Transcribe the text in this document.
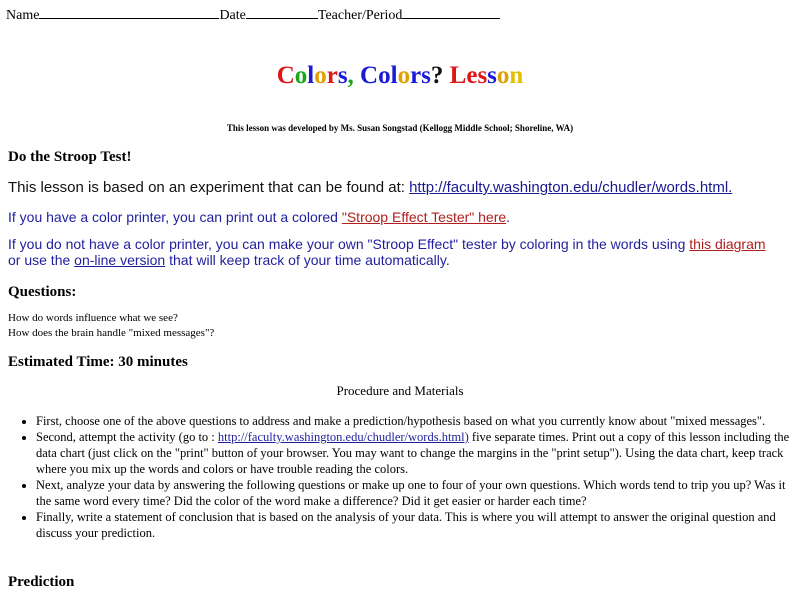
Name	Date	Teacher/Period
Colors, Colors? Lesson
This lesson was developed by Ms. Susan Songstad (Kellogg Middle School; Shoreline, WA)
Do the Stroop Test!
This lesson is based on an experiment that can be found at: http://faculty.washington.edu/chudler/words.html.
If you have a color printer, you can print out a colored "Stroop Effect Tester" here.
If you do not have a color printer, you can make your own "Stroop Effect" tester by coloring in the words using this diagram or use the on-line version that will keep track of your time automatically.
Questions:
How do words influence what we see?
How does the brain handle "mixed messages"?
Estimated Time: 30 minutes
Procedure and Materials
• First, choose one of the above questions to address and make a prediction/hypothesis based on what you currently know about "mixed messages".
• Second, attempt the activity (go to : http://faculty.washington.edu/chudler/words.html) five separate times. Print out a copy of this lesson including the data chart (just click on the "print" button of your browser. You may want to change the margins in the "print setup"). Using the data chart, keep track where you mix up the words and colors or have trouble reading the colors.
• Next, analyze your data by answering the following questions or make up one to four of your own questions. Which words tend to trip you up? Was it the same word every time? Did the color of the word make a difference? Did it get easier or harder each time?
• Finally, write a statement of conclusion that is based on the analysis of your data. This is where you will attempt to answer the original question and discuss your prediction.
Prediction
